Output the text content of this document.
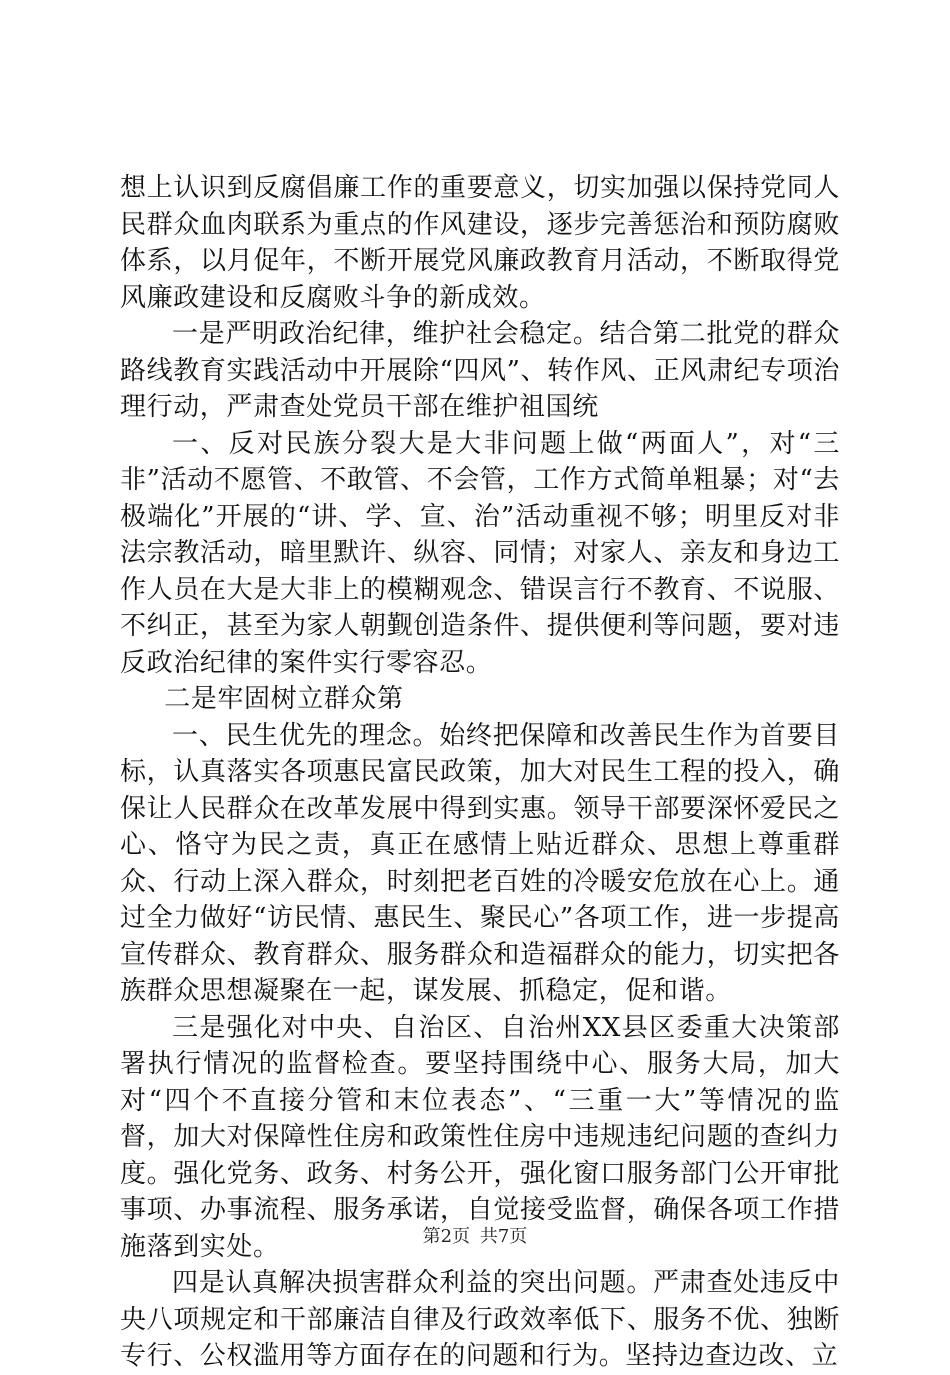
想上认识到反腐倡廉工作的重要意义，切实加强以保持党同人民群众血肉联系为重点的作风建设，逐步完善惩治和预防腐败体系，以月促年，不断开展党风廉政教育月活动，不断取得党风廉政建设和反腐败斗争的新成效。

一是严明政治纪律，维护社会稳定。结合第二批党的群众路线教育实践活动中开展除“四风”、转作风、正风肃纪专项治理行动，严肃查处党员干部在维护祖国统

一、反对民族分裂大是大非问题上做“两面人”，对“三非”活动不愿管、不敢管、不会管，工作方式简单粗暴；对“去极端化”开展的“讲、学、宣、治”活动重视不够；明里反对非法宗教活动，暗里默许、纵容、同情；对家人、亲友和身边工作人员在大是大非上的模糊观念、错误言行不教育、不说服、不纠正，甚至为家人朝觐创造条件、提供便利等问题，要对违反政治纪律的案件实行零容忍。

二是牢固树立群众第

一、民生优先的理念。始终把保障和改善民生作为首要目标，认真落实各项惠民富民政策，加大对民生工程的投入，确保让人民群众在改革发展中得到实惠。领导干部要深怀爱民之心、恪守为民之责，真正在感情上贴近群众、思想上尊重群众、行动上深入群众，时刻把老百姓的冷暖安危放在心上。通过全力做好“访民情、惠民生、聚民心”各项工作，进一步提高宣传群众、教育群众、服务群众和造福群众的能力，切实把各族群众思想凝聚在一起，谋发展、抓稳定，促和谐。

三是强化对中央、自治区、自治州XX县区委重大决策部署执行情况的监督检查。要坚持围绕中心、服务大局，加大对“四个不直接分管和末位表态”、“三重一大”等情况的监督，加大对保障性住房和政策性住房中违规违纪问题的查纠力度。强化党务、政务、村务公开，强化窗口服务部门公开审批事项、办事流程、服务承诺，自觉接受监督，确保各项工作措施落到实处。

四是认真解决损害群众利益的突出问题。严肃查处违反中央八项规定和干部廉洁自律及行政效率低下、服务不优、独断专行、公权滥用等方面存在的问题和行为。坚持边查边改、立

第2页 共7页
